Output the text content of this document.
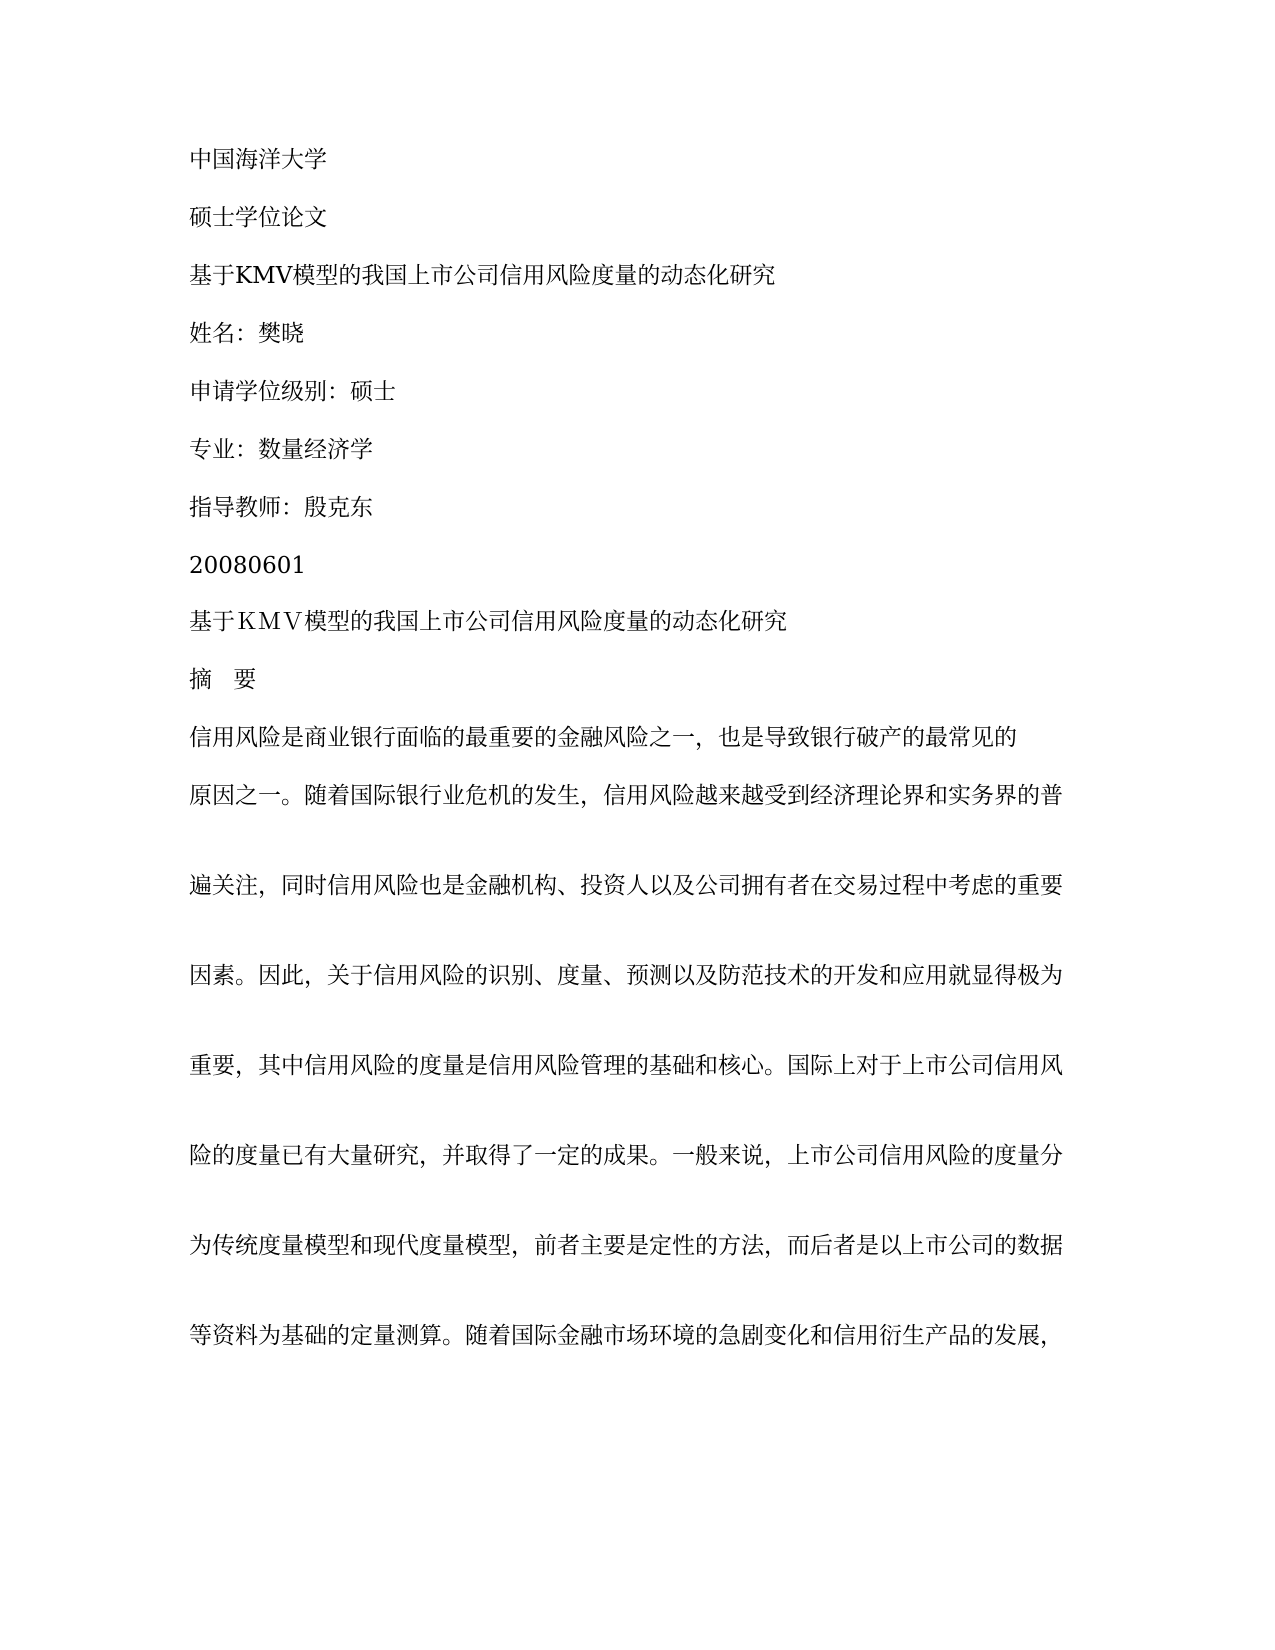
中国海洋大学

硕士学位论文

基于KMV模型的我国上市公司信用风险度量的动态化研究

姓名：樊晓

申请学位级别：硕士

专业：数量经济学

指导教师：殷克东

20080601

基于ＫＭＶ模型的我国上市公司信用风险度量的动态化研究

摘 要

信用风险是商业银行面临的最重要的金融风险之一，也是导致银行破产的最常见的

原因之一。随着国际银行业危机的发生，信用风险越来越受到经济理论界和实务界的普

遍关注，同时信用风险也是金融机构、投资人以及公司拥有者在交易过程中考虑的重要

因素。因此，关于信用风险的识别、度量、预测以及防范技术的开发和应用就显得极为

重要，其中信用风险的度量是信用风险管理的基础和核心。国际上对于上市公司信用风

险的度量已有大量研究，并取得了一定的成果。一般来说，上市公司信用风险的度量分

为传统度量模型和现代度量模型，前者主要是定性的方法，而后者是以上市公司的数据

等资料为基础的定量测算。随着国际金融市场环境的急剧变化和信用衍生产品的发展，
